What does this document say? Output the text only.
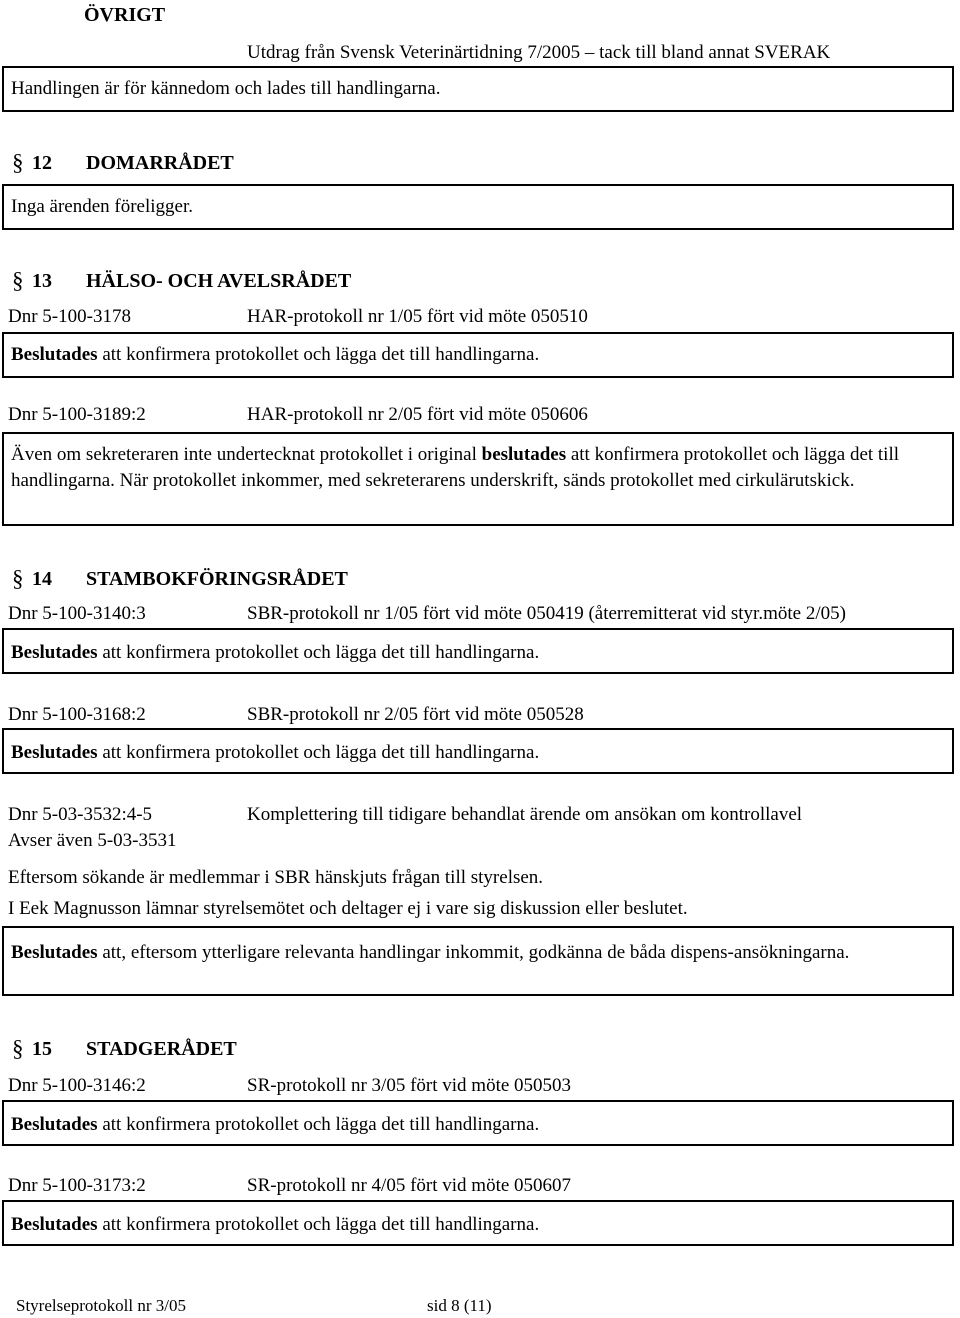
ÖVRIGT
Utdrag från Svensk Veterinärtidning 7/2005 – tack till bland annat SVERAK
Handlingen är för kännedom och lades till handlingarna.
§ 12 DOMARRÅDET
Inga ärenden föreligger.
§ 13 HÄLSO- OCH AVELSRÅDET
Dnr 5-100-3178	HAR-protokoll nr 1/05 fört vid möte 050510
Beslutades att konfirmera protokollet och lägga det till handlingarna.
Dnr 5-100-3189:2	HAR-protokoll nr 2/05 fört vid möte 050606
Även om sekreteraren inte undertecknat protokollet i original beslutades att konfirmera protokollet och lägga det till handlingarna. När protokollet inkommer, med sekreterarens underskrift, sänds protokollet med cirkulärutskick.
§ 14 STAMBOKFÖRINGSRÅDET
Dnr 5-100-3140:3	SBR-protokoll nr 1/05 fört vid möte 050419 (återremitterat vid styr.möte 2/05)
Beslutades att konfirmera protokollet och lägga det till handlingarna.
Dnr 5-100-3168:2	SBR-protokoll nr 2/05 fört vid möte 050528
Beslutades att konfirmera protokollet och lägga det till handlingarna.
Dnr 5-03-3532:4-5	Komplettering till tidigare behandlat ärende om ansökan om kontrollavel
Avser även 5-03-3531
Eftersom sökande är medlemmar i SBR hänskjuts frågan till styrelsen.
I Eek Magnusson lämnar styrelsemötet och deltager ej i vare sig diskussion eller beslutet.
Beslutades att, eftersom ytterligare relevanta handlingar inkommit, godkänna de båda dispens-ansökningarna.
§ 15 STADGERÅDET
Dnr 5-100-3146:2	SR-protokoll nr 3/05 fört vid möte 050503
Beslutades att konfirmera protokollet och lägga det till handlingarna.
Dnr 5-100-3173:2	SR-protokoll nr 4/05 fört vid möte 050607
Beslutades att konfirmera protokollet och lägga det till handlingarna.
Styrelseprotokoll nr 3/05	sid 8 (11)
